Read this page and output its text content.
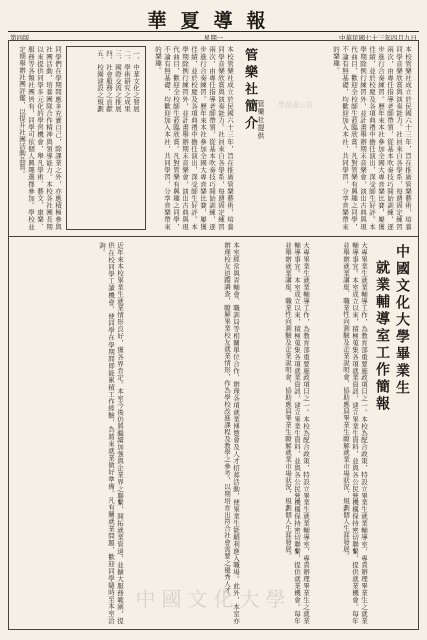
華夏導報
第四版	星期一	中華民國七十三年四月九日
同學們在學期間應多充實自己，除課業之外，亦應積極參與社團活動，培養團隊合作精神與領導能力。本校各社團長期以來提供同學多元化的學習機會，舉凡學術、藝文、康樂、服務等各類社團皆有，同學可依個人興趣選擇參加。學校並定期舉辦社團評鑑，以提升社團活動品質。	一、中華文化之發展
二、學術研究之成果
三、國際交流之推展
四、社會服務之貢獻
五、校園建設之規劃	本校管樂社成立於民國六十三年，旨在推廣管樂藝術，培養同學音樂欣賞與演奏能力。社員來自各學系，每週固定練習兩次，由專任指導老師帶領，從基本吹奏技巧開始訓練，逐步進行合奏練習。歷年來本社參加全國大專音樂比賽，屢獲佳績，並於校慶及各項典禮中擔任演出，深受師生好評。本學期除例行練習外，並計畫舉辦期末音樂會，演出古典與現代曲目，歡迎全校師生蒞臨欣賞。凡對管樂有興趣之同學，不論有無基礎，均歡迎加入本社，共同學習，分享音樂帶來的樂趣。	管樂社簡介 管樂社提供	本校管樂社成立於民國六十三年，旨在推廣管樂藝術，培養同學音樂欣賞與演奏能力。社員來自各學系，每週固定練習兩次，由專任指導老師帶領，從基本吹奏技巧開始訓練，逐步進行合奏練習。歷年來本社參加全國大專音樂比賽，屢獲佳績，並於校慶及各項典禮中擔任演出，深受師生好評。本學期除例行練習外，並計畫舉辦期末音樂會，演出古典與現代曲目，歡迎全校師生蒞臨欣賞。凡對管樂有興趣之同學，不論有無基礎，均歡迎加入本社，共同學習，分享音樂帶來的樂趣。
學務處公告
近年來本校畢業生就業情形良好，獲各界肯定。本室今後仍將繼續加強與企業界之聯繫，開拓就業管道，並擴大服務範圍，提供在校同學工讀機會，使同學在學期間即能累積工作經驗，為將來就業做好準備。凡有關就業問題，歡迎同學隨時至本室洽詢。	本室經常與青輔會、職訓局等相關單位合作，辦理各項就業博覽會及人才招募活動，使畢業生能順利進入職場。此外，本室亦辦理校友追蹤調查，瞭解畢業校友就業情形，作為學校改進課程及教學之參考，以期培育出符合社會需要之優秀人才。	大專畢業生就業輔導工作，為教育部重要施政項目之一。本校為配合政策，特設立畢業生就業輔導室，專責辦理畢業生之就業輔導事宜。本室成立以來，積極蒐集各項就業資訊，建立畢業生資料，並與各公民營機構保持密切聯繫，提供就業機會。每年並舉辦就業講座、職業性向測驗及企業說明會，協助應屆畢業生瞭解就業市場狀況，規劃個人生涯發展。	中國文化大學畢業生
就業輔導室工作簡報
大專畢業生就業輔導工作，為教育部重要施政項目之一。本校為配合政策，特設立畢業生就業輔導室，專責辦理畢業生之就業輔導事宜。本室成立以來，積極蒐集各項就業資訊，建立畢業生資料，並與各公民營機構保持密切聯繫，提供就業機會。每年並舉辦就業講座、職業性向測驗及企業說明會，協助應屆畢業生瞭解就業市場狀況，規劃個人生涯發展。
中國文化大學
